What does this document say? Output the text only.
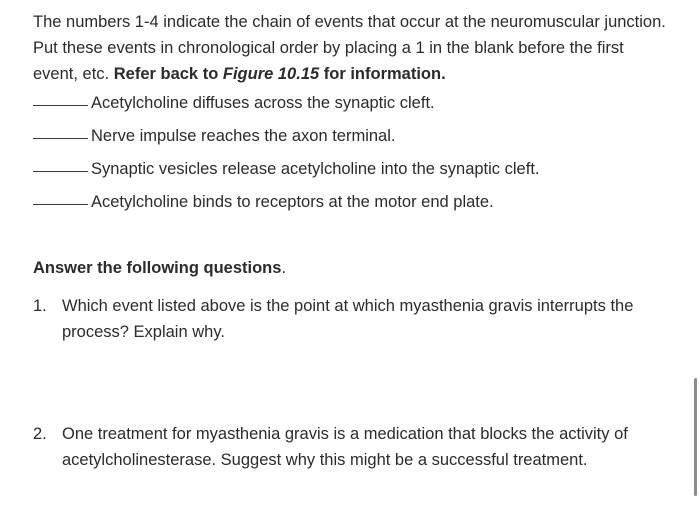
The numbers 1-4 indicate the chain of events that occur at the neuromuscular junction. Put these events in chronological order by placing a 1 in the blank before the first event, etc. Refer back to Figure 10.15 for information.

Acetylcholine diffuses across the synaptic cleft.
Nerve impulse reaches the axon terminal.
Synaptic vesicles release acetylcholine into the synaptic cleft.
Acetylcholine binds to receptors at the motor end plate.

Answer the following questions.

1. Which event listed above is the point at which myasthenia gravis interrupts the process? Explain why.
2. One treatment for myasthenia gravis is a medication that blocks the activity of acetylcholinesterase. Suggest why this might be a successful treatment.
